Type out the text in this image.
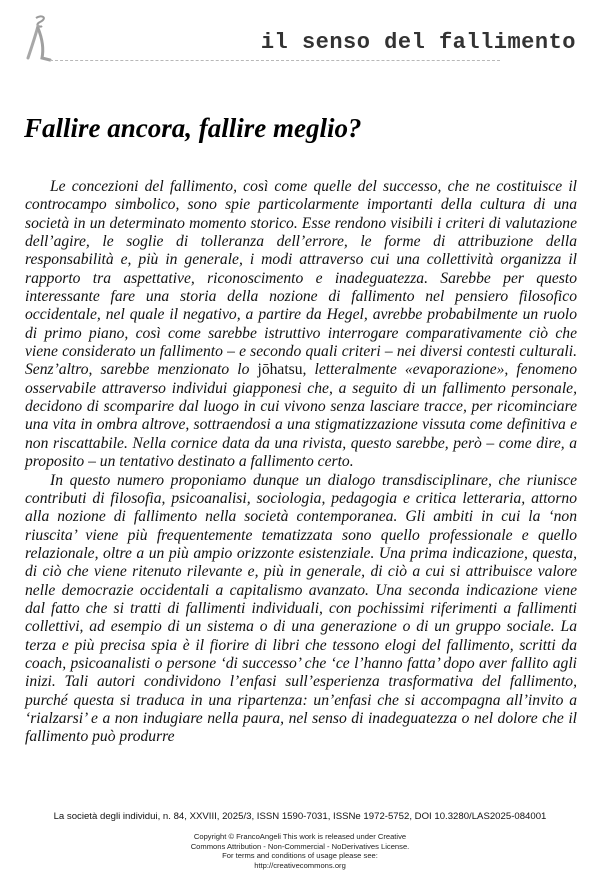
il senso del fallimento
Fallire ancora, fallire meglio?

Le concezioni del fallimento, così come quelle del successo, che ne costituisce il controcampo simbolico, sono spie particolarmente importanti della cultura di una società in un determinato momento storico. Esse rendono visibili i criteri di valutazione dell’agire, le soglie di tolleranza dell’errore, le forme di attribuzione della responsabilità e, più in generale, i modi attraverso cui una collettività organizza il rapporto tra aspettative, riconoscimento e inadeguatezza. Sarebbe per questo interessante fare una storia della nozione di fallimento nel pensiero filosofico occidentale, nel quale il negativo, a partire da Hegel, avrebbe probabilmente un ruolo di primo piano, così come sarebbe istruttivo interrogare comparativamente ciò che viene considerato un fallimento – e secondo quali criteri – nei diversi contesti culturali. Senz’altro, sarebbe menzionato lo jōhatsu, letteralmente «evaporazione», fenomeno osservabile attraverso individui giapponesi che, a seguito di un fallimento personale, decidono di scomparire dal luogo in cui vivono senza lasciare tracce, per ricominciare una vita in ombra altrove, sottraendosi a una stigmatizzazione vissuta come definitiva e non riscattabile. Nella cornice data da una rivista, questo sarebbe, però – come dire, a proposito – un tentativo destinato a fallimento certo.

In questo numero proponiamo dunque un dialogo transdisciplinare, che riunisce contributi di filosofia, psicoanalisi, sociologia, pedagogia e critica letteraria, attorno alla nozione di fallimento nella società contemporanea. Gli ambiti in cui la ‘non riuscita’ viene più frequentemente tematizzata sono quello professionale e quello relazionale, oltre a un più ampio orizzonte esistenziale. Una prima indicazione, questa, di ciò che viene ritenuto rilevante e, più in generale, di ciò a cui si attribuisce valore nelle democrazie occidentali a capitalismo avanzato. Una seconda indicazione viene dal fatto che si tratti di fallimenti individuali, con pochissimi riferimenti a fallimenti collettivi, ad esempio di un sistema o di una generazione o di un gruppo sociale. La terza e più precisa spia è il fiorire di libri che tessono elogi del fallimento, scritti da coach, psicoanalisti o persone ‘di successo’ che ‘ce l’hanno fatta’ dopo aver fallito agli inizi. Tali autori condividono l’enfasi sull’esperienza trasformativa del fallimento, purché questa si traduca in una ripartenza: un’enfasi che si accompagna all’invito a ‘rialzarsi’ e a non indugiare nella paura, nel senso di inadeguatezza o nel dolore che il fallimento può produrre

La società degli individui, n. 84, XXVIII, 2025/3, ISSN 1590-7031, ISSNe 1972-5752, DOI 10.3280/LAS2025-084001
Copyright © FrancoAngeli This work is released under Creative
Commons Attribution - Non-Commercial - NoDerivatives License.
For terms and conditions of usage please see:
http://creativecommons.org
